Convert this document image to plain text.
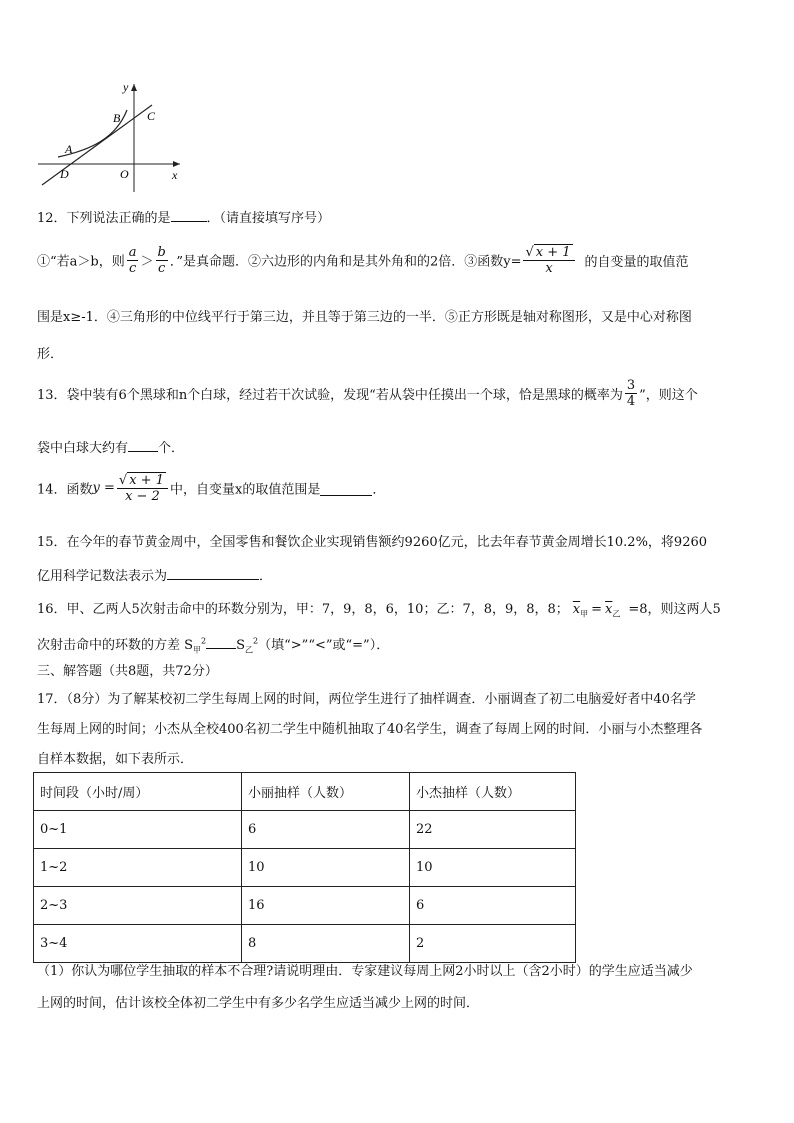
y
x
O
A
B C
D
12．下列说法正确的是	．（请直接填写序号）
①“若a＞b，则 $\frac{a}{c} > \frac{b}{c}$ ．”是真命题．②六边形的内角和是其外角和的2倍．③函数$y= \frac{√ x + 1}{x}$ 的自变量的取值范
围是x≥-1．④三角形的中位线平行于第三边，并且等于第三边的一半．⑤正方形既是轴对称图形，又是中心对称图
形．
13．袋中装有6个黑球和n个白球，经过若干次试验，发现“若从袋中任摸出一个球，恰是黑球的概率为 $\frac{3}{4}$ ”，则这个
袋中白球大约有 个．
14．函数$y = \frac{√ x + 1}{x - 2}$ 中，自变量x的取值范围是	．
15．在今年的春节黄金周中，全国零售和餐饮企业实现销售额约9260亿元，比去年春节黄金周增长10.2%，将9260
亿用科学记数法表示为	．
16．甲、乙两人5次射击命中的环数分别为，甲：7，9，8，6，10；乙：7，8，9，8，8； $\overline{x}_甲 = \overline{x}_乙 =8$，则这两人5
次射击命中的环数的方差 $S_甲^2$ $S_乙^2$（填“>”“<”或“=”）．
三、解答题（共8题，共72分）
17．（8分）为了解某校初二学生每周上网的时间，两位学生进行了抽样调查．小丽调查了初二电脑爱好者中40名学
生每周上网的时间；小杰从全校400名初二学生中随机抽取了40名学生，调查了每周上网的时间．小丽与小杰整理各
自样本数据，如下表所示．
时间段（小时/周）	小丽抽样（人数）	小杰抽样（人数）
0~1	6	22
1~2	10	10
2~3	16	6
3~4	8	2
（1）你认为哪位学生抽取的样本不合理?请说明理由．专家建议每周上网2小时以上（含2小时）的学生应适当减少
上网的时间，估计该校全体初二学生中有多少名学生应适当减少上网的时间．
